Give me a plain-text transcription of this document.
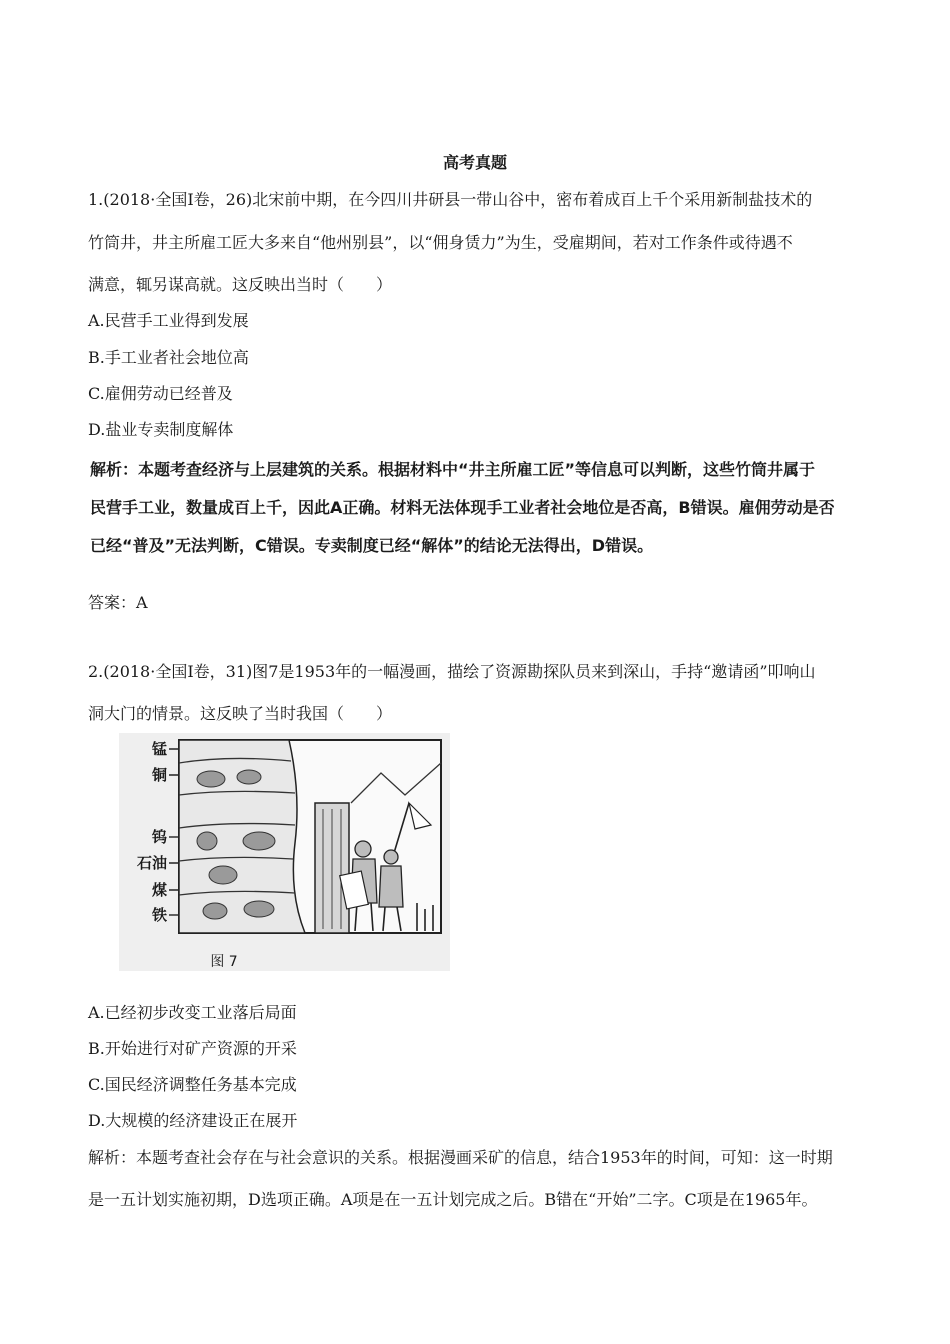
高考真题
1.(2018·全国I卷，26)北宋前中期，在今四川井研县一带山谷中，密布着成百上千个采用新制盐技术的
竹筒井，井主所雇工匠大多来自“他州别县”，以“佣身赁力”为生，受雇期间，若对工作条件或待遇不
满意，辄另谋高就。这反映出当时（　　）
A.民营手工业得到发展
B.手工业者社会地位高
C.雇佣劳动已经普及
D.盐业专卖制度解体
解析：本题考查经济与上层建筑的关系。根据材料中“井主所雇工匠”等信息可以判断，这些竹筒井属于
民营手工业，数量成百上千，因此A正确。材料无法体现手工业者社会地位是否高，B错误。雇佣劳动是否
已经“普及”无法判断，C错误。专卖制度已经“解体”的结论无法得出，D错误。
答案：A
2.(2018·全国I卷，31)图7是1953年的一幅漫画，描绘了资源勘探队员来到深山，手持“邀请函”叩响山
洞大门的情景。这反映了当时我国（　　）
锰
铜
钨
石油
煤
铁
图 7
A.已经初步改变工业落后局面
B.开始进行对矿产资源的开采
C.国民经济调整任务基本完成
D.大规模的经济建设正在展开
解析：本题考查社会存在与社会意识的关系。根据漫画采矿的信息，结合1953年的时间，可知：这一时期
是一五计划实施初期，D选项正确。A项是在一五计划完成之后。B错在“开始”二字。C项是在1965年。
